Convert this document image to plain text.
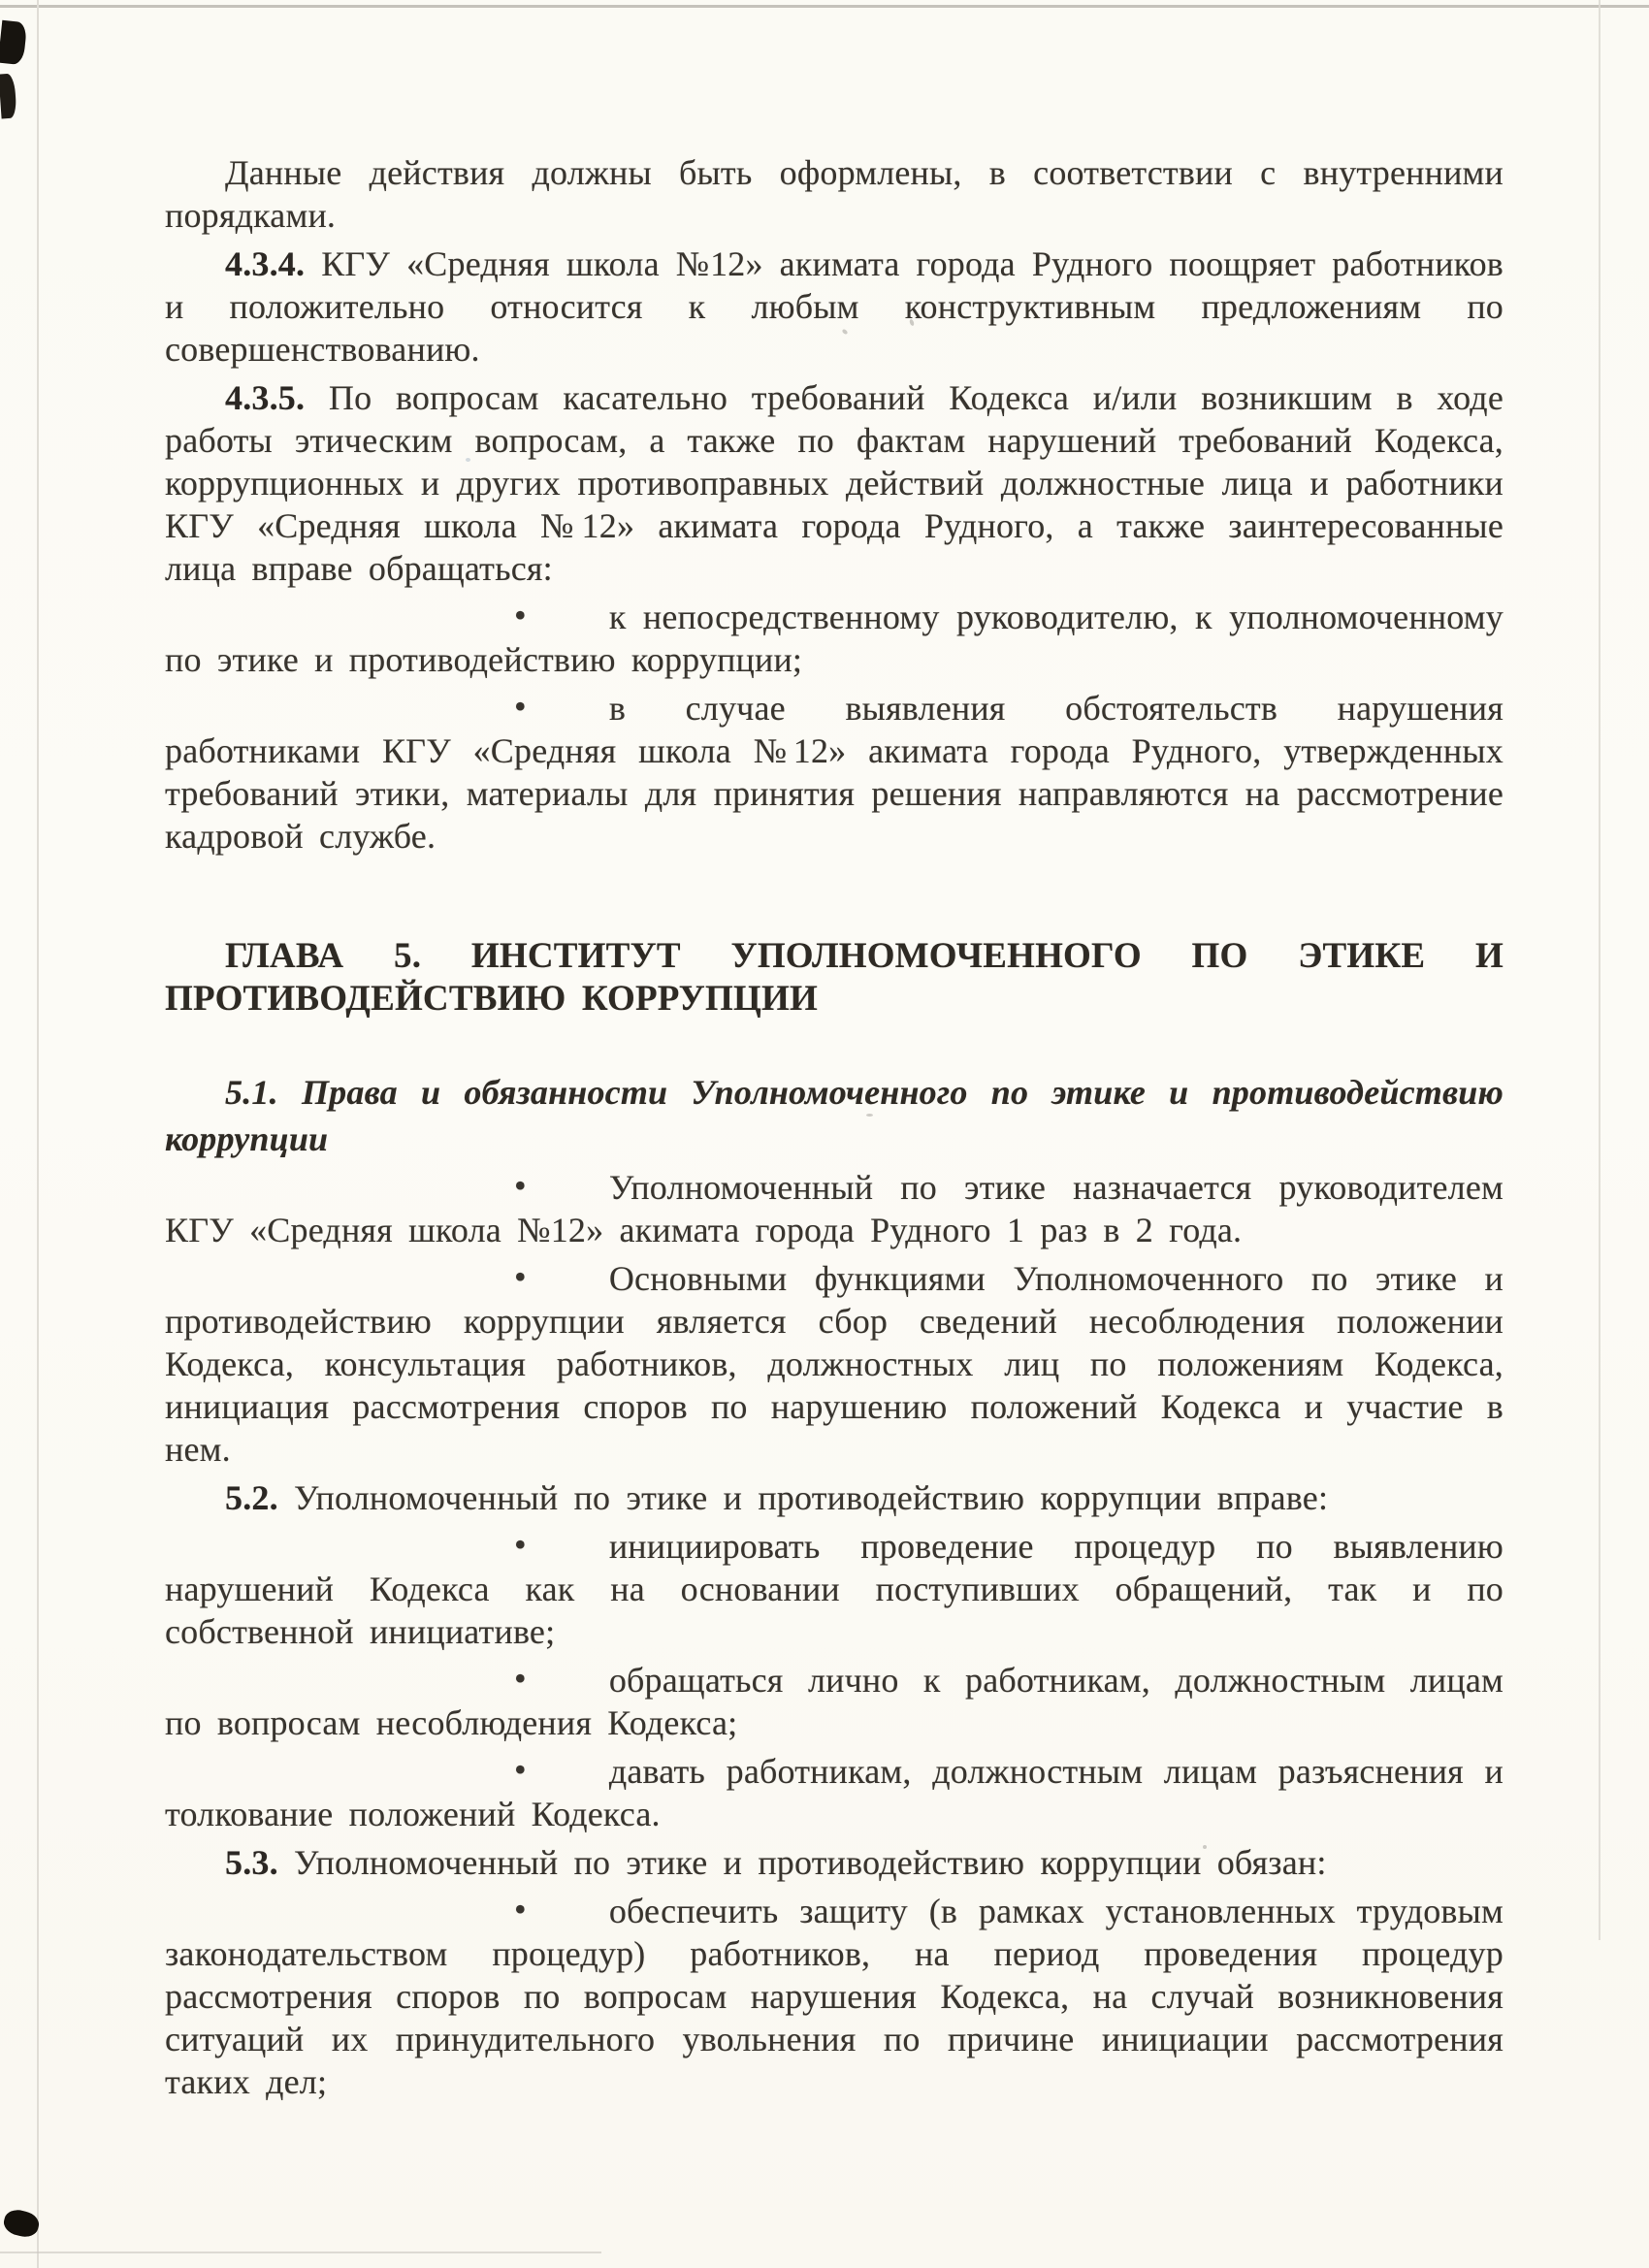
Данные действия должны быть оформлены, в соответствии с внутренними порядками.

4.3.4. КГУ «Средняя школа №12» акимата города Рудного поощряет работников и положительно относится к любым конструктивным предложениям по совершенствованию.

4.3.5. По вопросам касательно требований Кодекса и/или возникшим в ходе работы этическим вопросам, а также по фактам нарушений требований Кодекса, коррупционных и других противоправных действий должностные лица и работники КГУ «Средняя школа №12» акимата города Рудного, а также заинтересованные лица вправе обращаться:

• к непосредственному руководителю, к уполномоченному по этике и противодействию коррупции;

• в случае выявления обстоятельств нарушения работниками КГУ «Средняя школа №12» акимата города Рудного, утвержденных требований этики, материалы для принятия решения направляются на рассмотрение кадровой службе.

ГЛАВА 5. ИНСТИТУТ УПОЛНОМОЧЕННОГО ПО ЭТИКЕ И ПРОТИВОДЕЙСТВИЮ КОРРУПЦИИ

5.1. Права и обязанности Уполномоченного по этике и противодействию коррупции

• Уполномоченный по этике назначается руководителем КГУ «Средняя школа №12» акимата города Рудного 1 раз в 2 года.

• Основными функциями Уполномоченного по этике и противодействию коррупции является сбор сведений несоблюдения положении Кодекса, консультация работников, должностных лиц по положениям Кодекса, инициация рассмотрения споров по нарушению положений Кодекса и участие в нем.

5.2. Уполномоченный по этике и противодействию коррупции вправе:

• инициировать проведение процедур по выявлению нарушений Кодекса как на основании поступивших обращений, так и по собственной инициативе;

• обращаться лично к работникам, должностным лицам по вопросам несоблюдения Кодекса;

• давать работникам, должностным лицам разъяснения и толкование положений Кодекса.

5.3. Уполномоченный по этике и противодействию коррупции обязан:

• обеспечить защиту (в рамках установленных трудовым законодательством процедур) работников, на период проведения процедур рассмотрения споров по вопросам нарушения Кодекса, на случай возникновения ситуаций их принудительного увольнения по причине инициации рассмотрения таких дел;
